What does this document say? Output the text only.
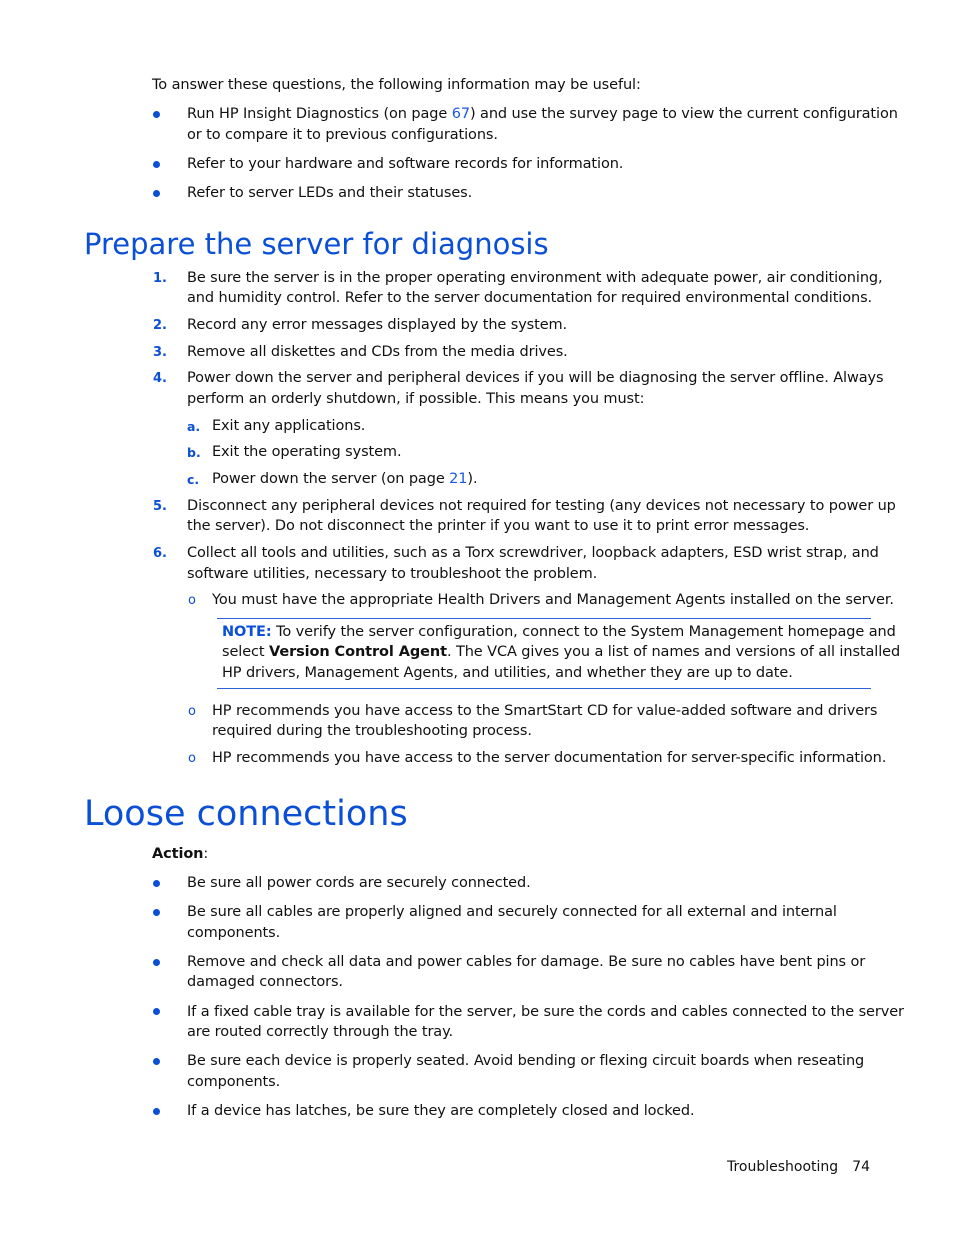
To answer these questions, the following information may be useful:
Run HP Insight Diagnostics (on page 67) and use the survey page to view the current configuration
or to compare it to previous configurations.
Refer to your hardware and software records for information.
Refer to server LEDs and their statuses.
Prepare the server for diagnosis
1. Be sure the server is in the proper operating environment with adequate power, air conditioning,
and humidity control. Refer to the server documentation for required environmental conditions.
2. Record any error messages displayed by the system.
3. Remove all diskettes and CDs from the media drives.
4. Power down the server and peripheral devices if you will be diagnosing the server offline. Always
perform an orderly shutdown, if possible. This means you must:
a. Exit any applications.
b. Exit the operating system.
c. Power down the server (on page 21).
5. Disconnect any peripheral devices not required for testing (any devices not necessary to power up
the server). Do not disconnect the printer if you want to use it to print error messages.
6. Collect all tools and utilities, such as a Torx screwdriver, loopback adapters, ESD wrist strap, and
software utilities, necessary to troubleshoot the problem.
o You must have the appropriate Health Drivers and Management Agents installed on the server.
NOTE: To verify the server configuration, connect to the System Management homepage and
select Version Control Agent. The VCA gives you a list of names and versions of all installed
HP drivers, Management Agents, and utilities, and whether they are up to date.
o HP recommends you have access to the SmartStart CD for value-added software and drivers
required during the troubleshooting process.
o HP recommends you have access to the server documentation for server-specific information.
Loose connections
Action:
Be sure all power cords are securely connected.
Be sure all cables are properly aligned and securely connected for all external and internal
components.
Remove and check all data and power cables for damage. Be sure no cables have bent pins or
damaged connectors.
If a fixed cable tray is available for the server, be sure the cords and cables connected to the server
are routed correctly through the tray.
Be sure each device is properly seated. Avoid bending or flexing circuit boards when reseating
components.
If a device has latches, be sure they are completely closed and locked.
Troubleshooting 74
